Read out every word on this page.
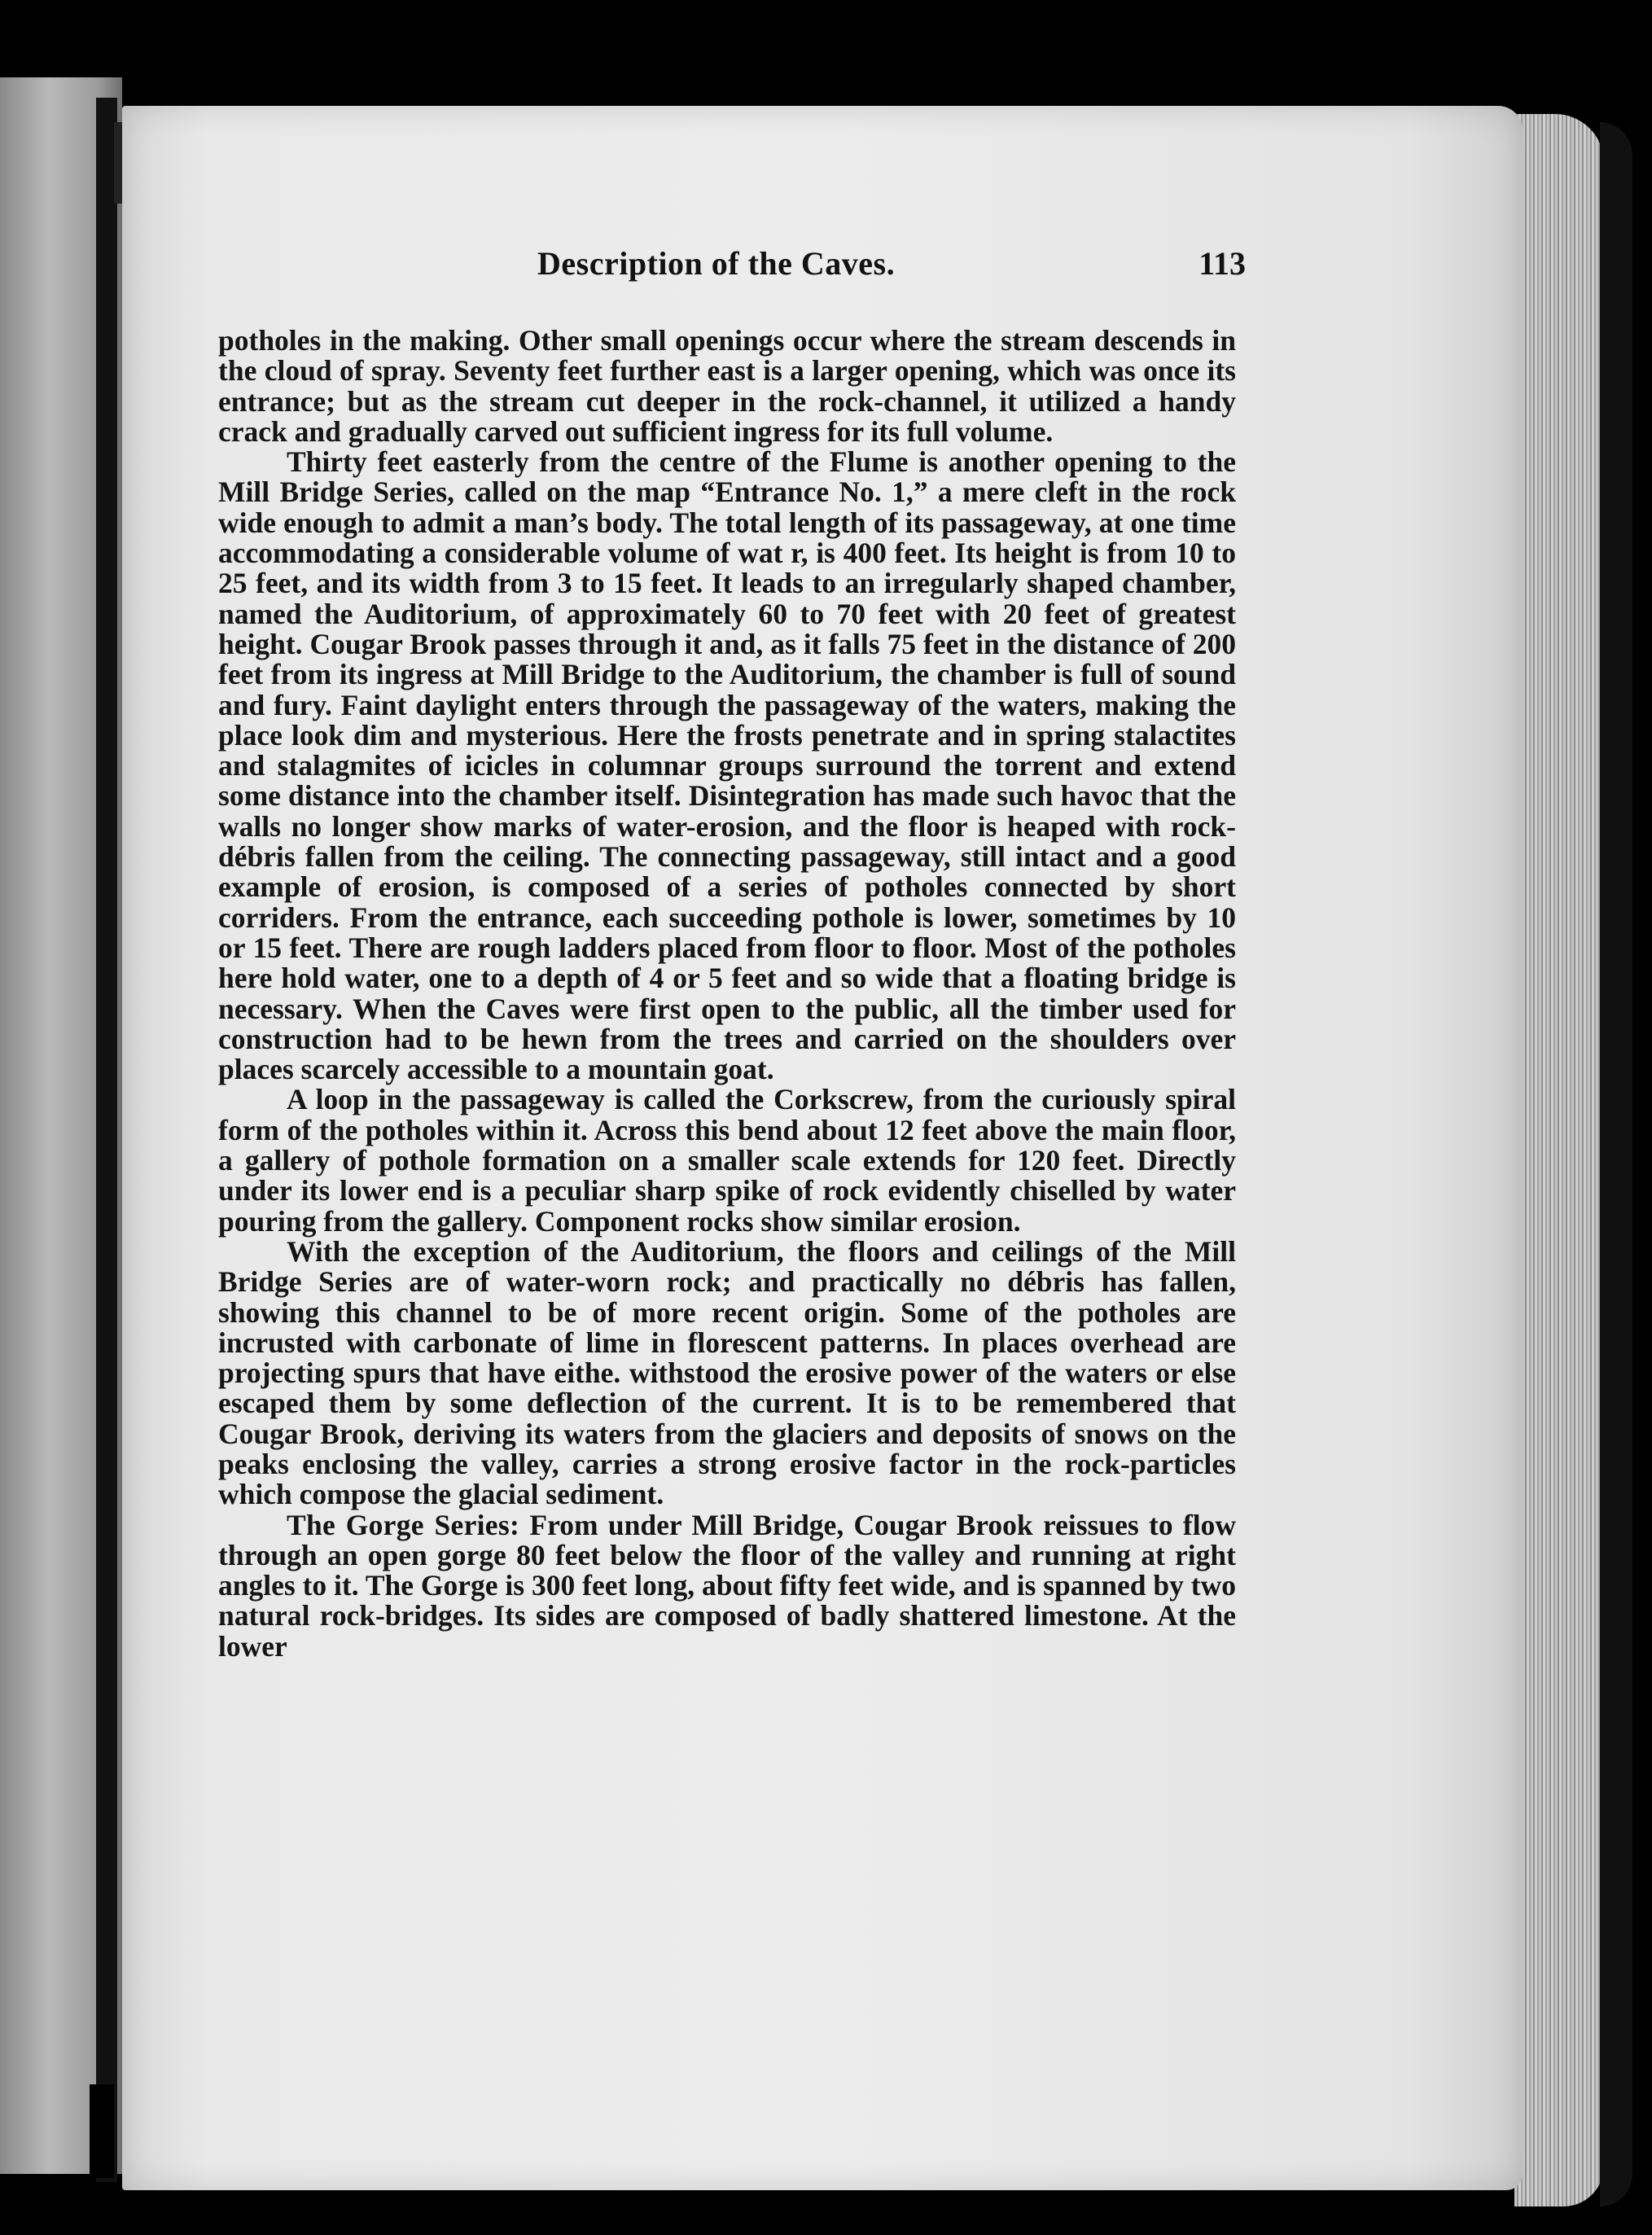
Description of the Caves.	113

potholes in the making. Other small openings occur where the stream descends in the cloud of spray. Seventy feet further east is a larger opening, which was once its entrance; but as the stream cut deeper in the rock-channel, it utilized a handy crack and gradually carved out sufficient ingress for its full volume.

Thirty feet easterly from the centre of the Flume is another opening to the Mill Bridge Series, called on the map “Entrance No. 1,” a mere cleft in the rock wide enough to admit a man’s body. The total length of its passageway, at one time accommodating a considerable volume of wat r, is 400 feet. Its height is from 10 to 25 feet, and its width from 3 to 15 feet. It leads to an irregularly shaped chamber, named the Auditorium, of approximately 60 to 70 feet with 20 feet of greatest height. Cougar Brook passes through it and, as it falls 75 feet in the distance of 200 feet from its ingress at Mill Bridge to the Auditorium, the chamber is full of sound and fury. Faint daylight enters through the passageway of the waters, making the place look dim and mysterious. Here the frosts penetrate and in spring stalactites and stalagmites of icicles in columnar groups surround the torrent and extend some distance into the chamber itself. Disintegration has made such havoc that the walls no longer show marks of water-erosion, and the floor is heaped with rock-débris fallen from the ceiling. The connecting passageway, still intact and a good example of erosion, is composed of a series of potholes connected by short corriders. From the entrance, each succeeding pothole is lower, sometimes by 10 or 15 feet. There are rough ladders placed from floor to floor. Most of the potholes here hold water, one to a depth of 4 or 5 feet and so wide that a floating bridge is necessary. When the Caves were first open to the public, all the timber used for construction had to be hewn from the trees and carried on the shoulders over places scarcely accessible to a mountain goat.

A loop in the passageway is called the Corkscrew, from the curiously spiral form of the potholes within it. Across this bend about 12 feet above the main floor, a gallery of pothole formation on a smaller scale extends for 120 feet. Directly under its lower end is a peculiar sharp spike of rock evidently chiselled by water pouring from the gallery. Component rocks show similar erosion.

With the exception of the Auditorium, the floors and ceilings of the Mill Bridge Series are of water-worn rock; and practically no débris has fallen, showing this channel to be of more recent origin. Some of the potholes are incrusted with carbonate of lime in florescent patterns. In places overhead are projecting spurs that have eithe. withstood the erosive power of the waters or else escaped them by some deflection of the current. It is to be remembered that Cougar Brook, deriving its waters from the glaciers and deposits of snows on the peaks enclosing the valley, carries a strong erosive factor in the rock-particles which compose the glacial sediment.

The Gorge Series: From under Mill Bridge, Cougar Brook reissues to flow through an open gorge 80 feet below the floor of the valley and running at right angles to it. The Gorge is 300 feet long, about fifty feet wide, and is spanned by two natural rock-bridges. Its sides are composed of badly shattered limestone. At the lower
